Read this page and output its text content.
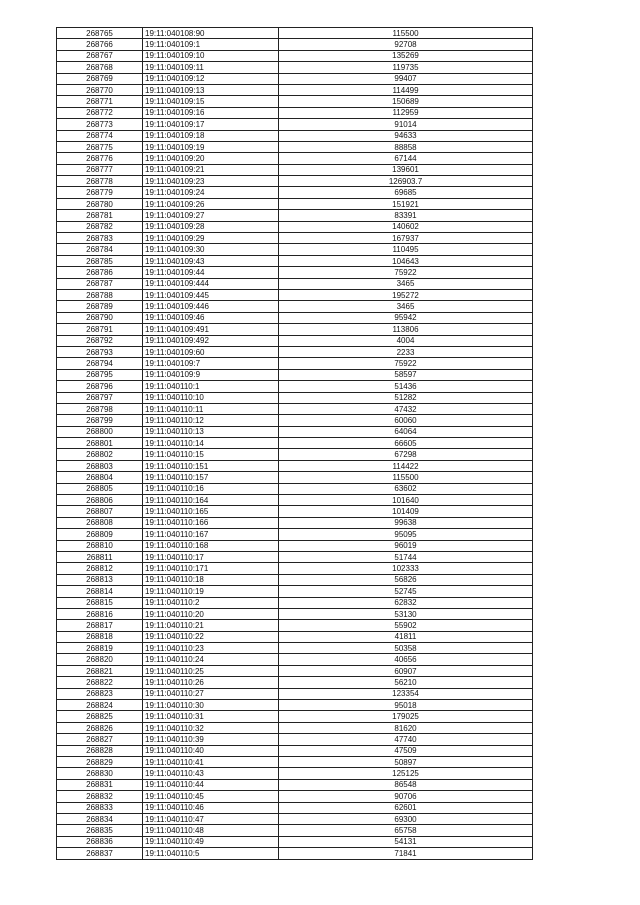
268765	19:11:040108:90	115500
268766	19:11:040109:1	92708
268767	19:11:040109:10	135269
268768	19:11:040109:11	119735
268769	19:11:040109:12	99407
268770	19:11:040109:13	114499
268771	19:11:040109:15	150689
268772	19:11:040109:16	112959
268773	19:11:040109:17	91014
268774	19:11:040109:18	94633
268775	19:11:040109:19	88858
268776	19:11:040109:20	67144
268777	19:11:040109:21	139601
268778	19:11:040109:23	126903.7
268779	19:11:040109:24	69685
268780	19:11:040109:26	151921
268781	19:11:040109:27	83391
268782	19:11:040109:28	140602
268783	19:11:040109:29	167937
268784	19:11:040109:30	110495
268785	19:11:040109:43	104643
268786	19:11:040109:44	75922
268787	19:11:040109:444	3465
268788	19:11:040109:445	195272
268789	19:11:040109:446	3465
268790	19:11:040109:46	95942
268791	19:11:040109:491	113806
268792	19:11:040109:492	4004
268793	19:11:040109:60	2233
268794	19:11:040109:7	75922
268795	19:11:040109:9	58597
268796	19:11:040110:1	51436
268797	19:11:040110:10	51282
268798	19:11:040110:11	47432
268799	19:11:040110:12	60060
268800	19:11:040110:13	64064
268801	19:11:040110:14	66605
268802	19:11:040110:15	67298
268803	19:11:040110:151	114422
268804	19:11:040110:157	115500
268805	19:11:040110:16	63602
268806	19:11:040110:164	101640
268807	19:11:040110:165	101409
268808	19:11:040110:166	99638
268809	19:11:040110:167	95095
268810	19:11:040110:168	96019
268811	19:11:040110:17	51744
268812	19:11:040110:171	102333
268813	19:11:040110:18	56826
268814	19:11:040110:19	52745
268815	19:11:040110:2	62832
268816	19:11:040110:20	53130
268817	19:11:040110:21	55902
268818	19:11:040110:22	41811
268819	19:11:040110:23	50358
268820	19:11:040110:24	40656
268821	19:11:040110:25	60907
268822	19:11:040110:26	56210
268823	19:11:040110:27	123354
268824	19:11:040110:30	95018
268825	19:11:040110:31	179025
268826	19:11:040110:32	81620
268827	19:11:040110:39	47740
268828	19:11:040110:40	47509
268829	19:11:040110:41	50897
268830	19:11:040110:43	125125
268831	19:11:040110:44	86548
268832	19:11:040110:45	90706
268833	19:11:040110:46	62601
268834	19:11:040110:47	69300
268835	19:11:040110:48	65758
268836	19:11:040110:49	54131
268837	19:11:040110:5	71841
